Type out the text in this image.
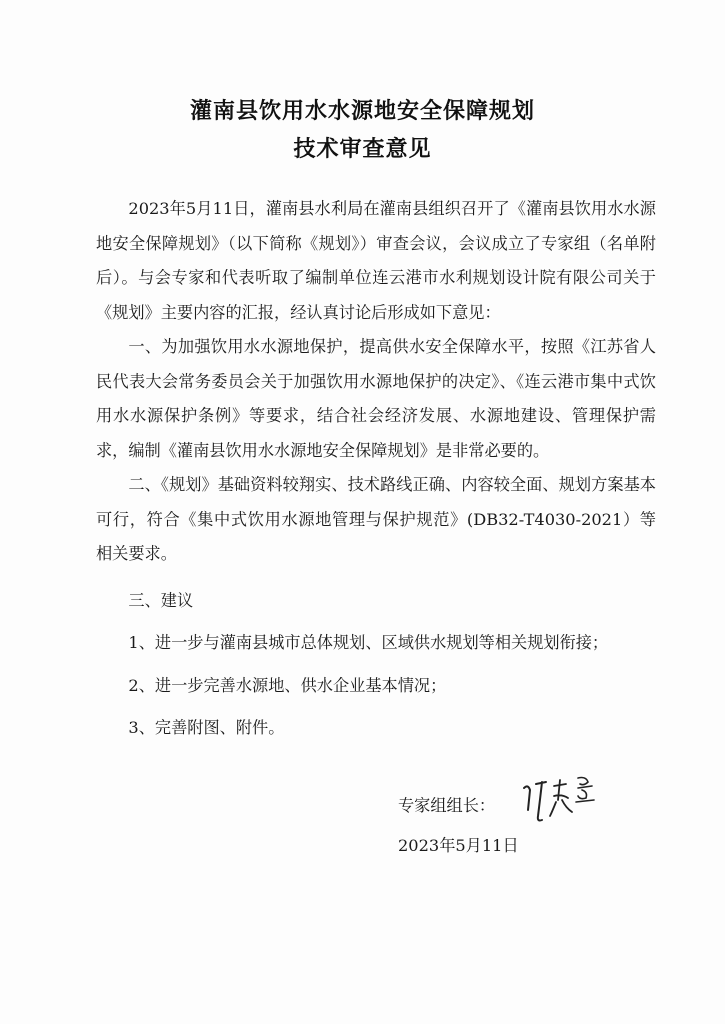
灌南县饮用水水源地安全保障规划
技术审查意见

2023年5月11日，灌南县水利局在灌南县组织召开了《灌南县饮用水水源地安全保障规划》（以下简称《规划》）审查会议，会议成立了专家组（名单附后）。与会专家和代表听取了编制单位连云港市水利规划设计院有限公司关于《规划》主要内容的汇报，经认真讨论后形成如下意见：

一、为加强饮用水水源地保护，提高供水安全保障水平，按照《江苏省人民代表大会常务委员会关于加强饮用水源地保护的决定》、《连云港市集中式饮用水水源保护条例》等要求，结合社会经济发展、水源地建设、管理保护需求，编制《灌南县饮用水水源地安全保障规划》是非常必要的。

二、《规划》基础资料较翔实、技术路线正确、内容较全面、规划方案基本可行，符合《集中式饮用水源地管理与保护规范》(DB32-T4030-2021）等相关要求。

三、建议

1、进一步与灌南县城市总体规划、区域供水规划等相关规划衔接；

2、进一步完善水源地、供水企业基本情况；

3、完善附图、附件。

专家组组长：
2023年5月11日
